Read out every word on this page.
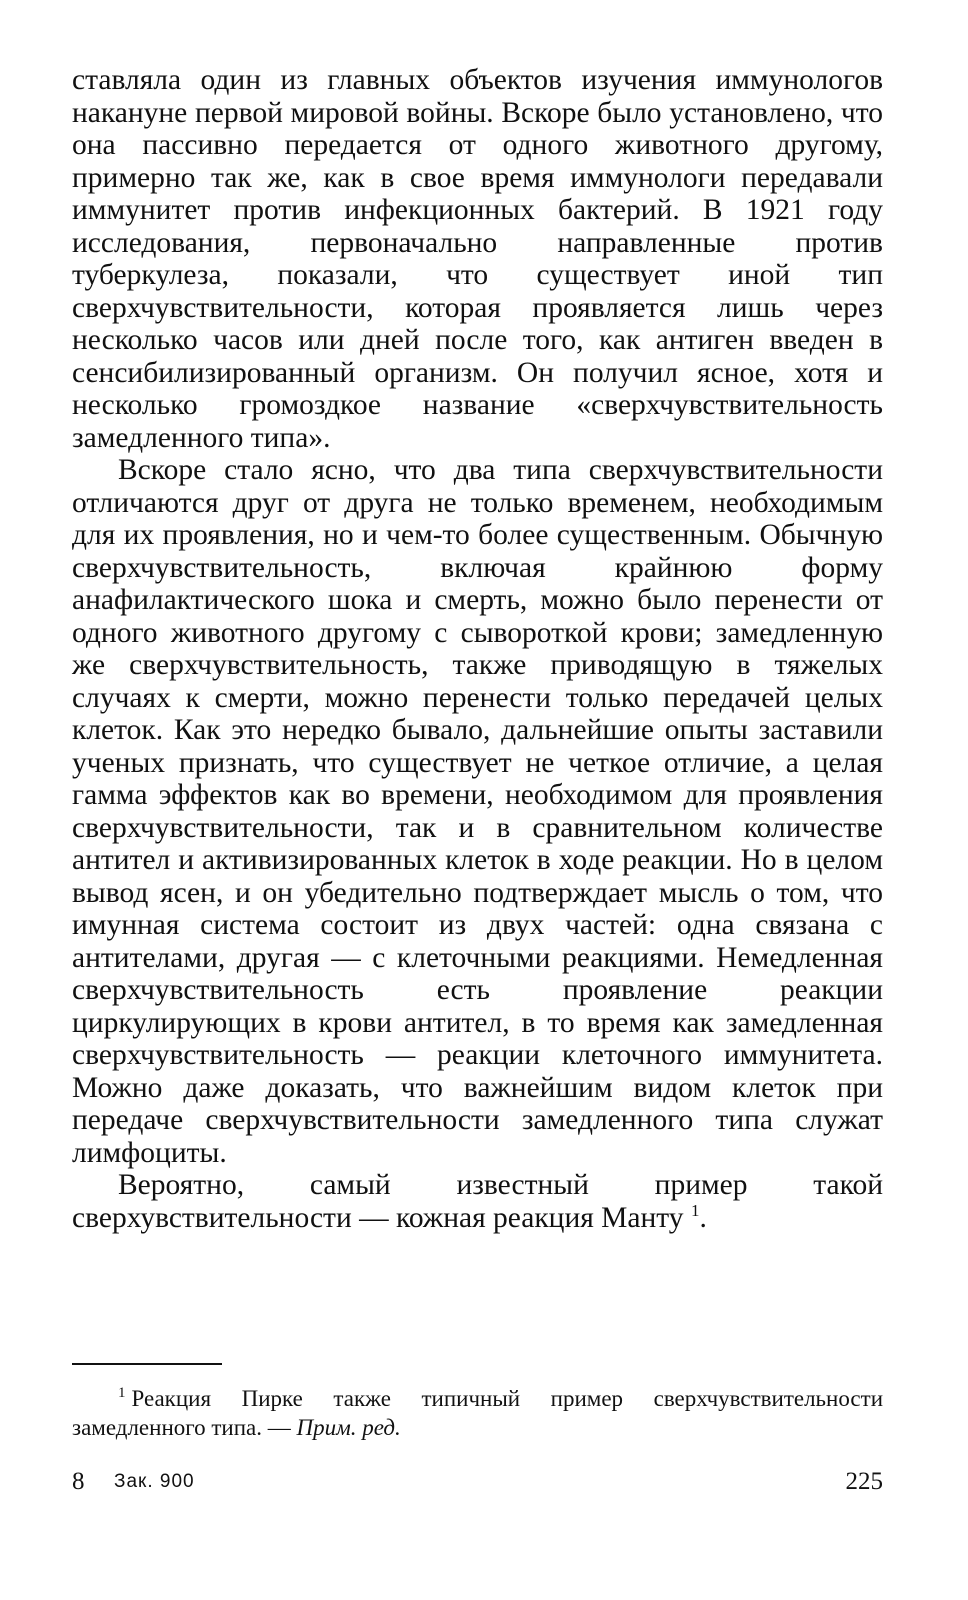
ставляла один из главных объектов изучения иммунологов накануне первой мировой войны. Вскоре было установлено, что она пассивно передается от одного животного другому, примерно так же, как в свое время иммунологи передавали иммунитет против инфекционных бактерий. В 1921 году исследования, первоначально направленные против туберкулеза, показали, что существует иной тип сверхчувствительности, которая проявляется лишь через несколько часов или дней после того, как антиген введен в сенсибилизированный организм. Он получил ясное, хотя и несколько громоздкое название «сверхчувствительность замедленного типа».

Вскоре стало ясно, что два типа сверхчувствительности отличаются друг от друга не только временем, необходимым для их проявления, но и чем-то более существенным. Обычную сверхчувствительность, включая крайнюю форму анафилактического шока и смерть, можно было перенести от одного животного другому с сывороткой крови; замедленную же сверхчувствительность, также приводящую в тяжелых случаях к смерти, можно перенести только передачей целых клеток. Как это нередко бывало, дальнейшие опыты заставили ученых признать, что существует не четкое отличие, а целая гамма эффектов как во времени, необходимом для проявления сверхчувствительности, так и в сравнительном количестве антител и активизированных клеток в ходе реакции. Но в целом вывод ясен, и он убедительно подтверждает мысль о том, что имунная система состоит из двух частей: одна связана с антителами, другая — с клеточными реакциями. Немедленная сверхчувствительность есть проявление реакции циркулирующих в крови антител, в то время как замедленная сверхчувствительность — реакции клеточного иммунитета. Можно даже доказать, что важнейшим видом клеток при передаче сверхчувствительности замедленного типа служат лимфоциты.

Вероятно, самый известный пример такой сверхувствительности — кожная реакция Манту $^1$.

$^1$ Реакция Пирке также типичный пример сверхчувствительности замедленного типа. — Прим. ред.
8 Зак. 900	225
